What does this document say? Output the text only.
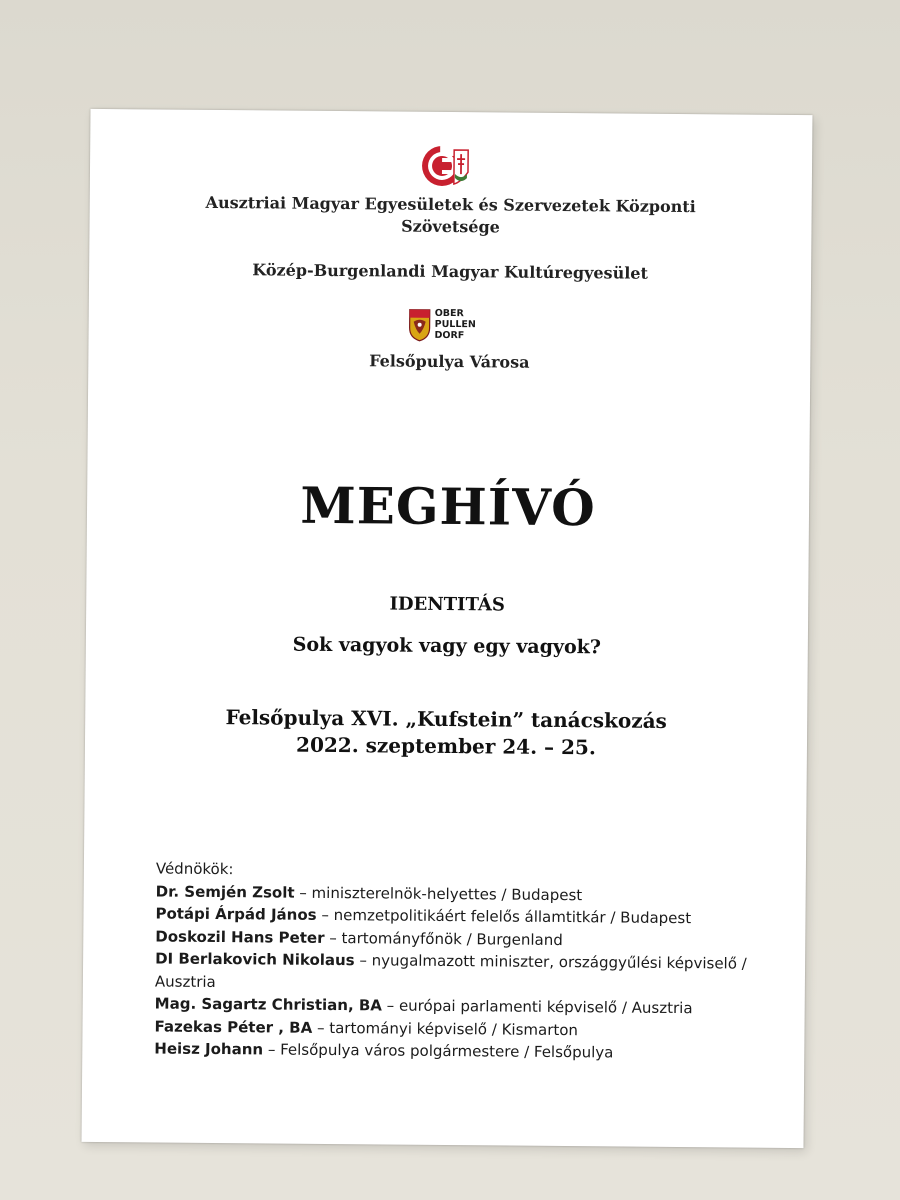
Ausztriai Magyar Egyesületek és Szervezetek Központi Szövetsége
Közép-Burgenlandi Magyar Kultúregyesület
OBER
PULLEN
DORF
Felsőpulya Városa
MEGHÍVÓ
IDENTITÁS
Sok vagyok vagy egy vagyok?
Felsőpulya XVI. „Kufstein” tanácskozás
2022. szeptember 24. – 25.
Védnökök:
Dr. Semjén Zsolt – miniszterelnök-helyettes / Budapest
Potápi Árpád János – nemzetpolitikáért felelős államtitkár / Budapest
Doskozil Hans Peter – tartományfőnök / Burgenland
DI Berlakovich Nikolaus – nyugalmazott miniszter, országgyűlési képviselő / Ausztria
Mag. Sagartz Christian, BA – európai parlamenti képviselő / Ausztria
Fazekas Péter , BA – tartományi képviselő / Kismarton
Heisz Johann – Felsőpulya város polgármestere / Felsőpulya
